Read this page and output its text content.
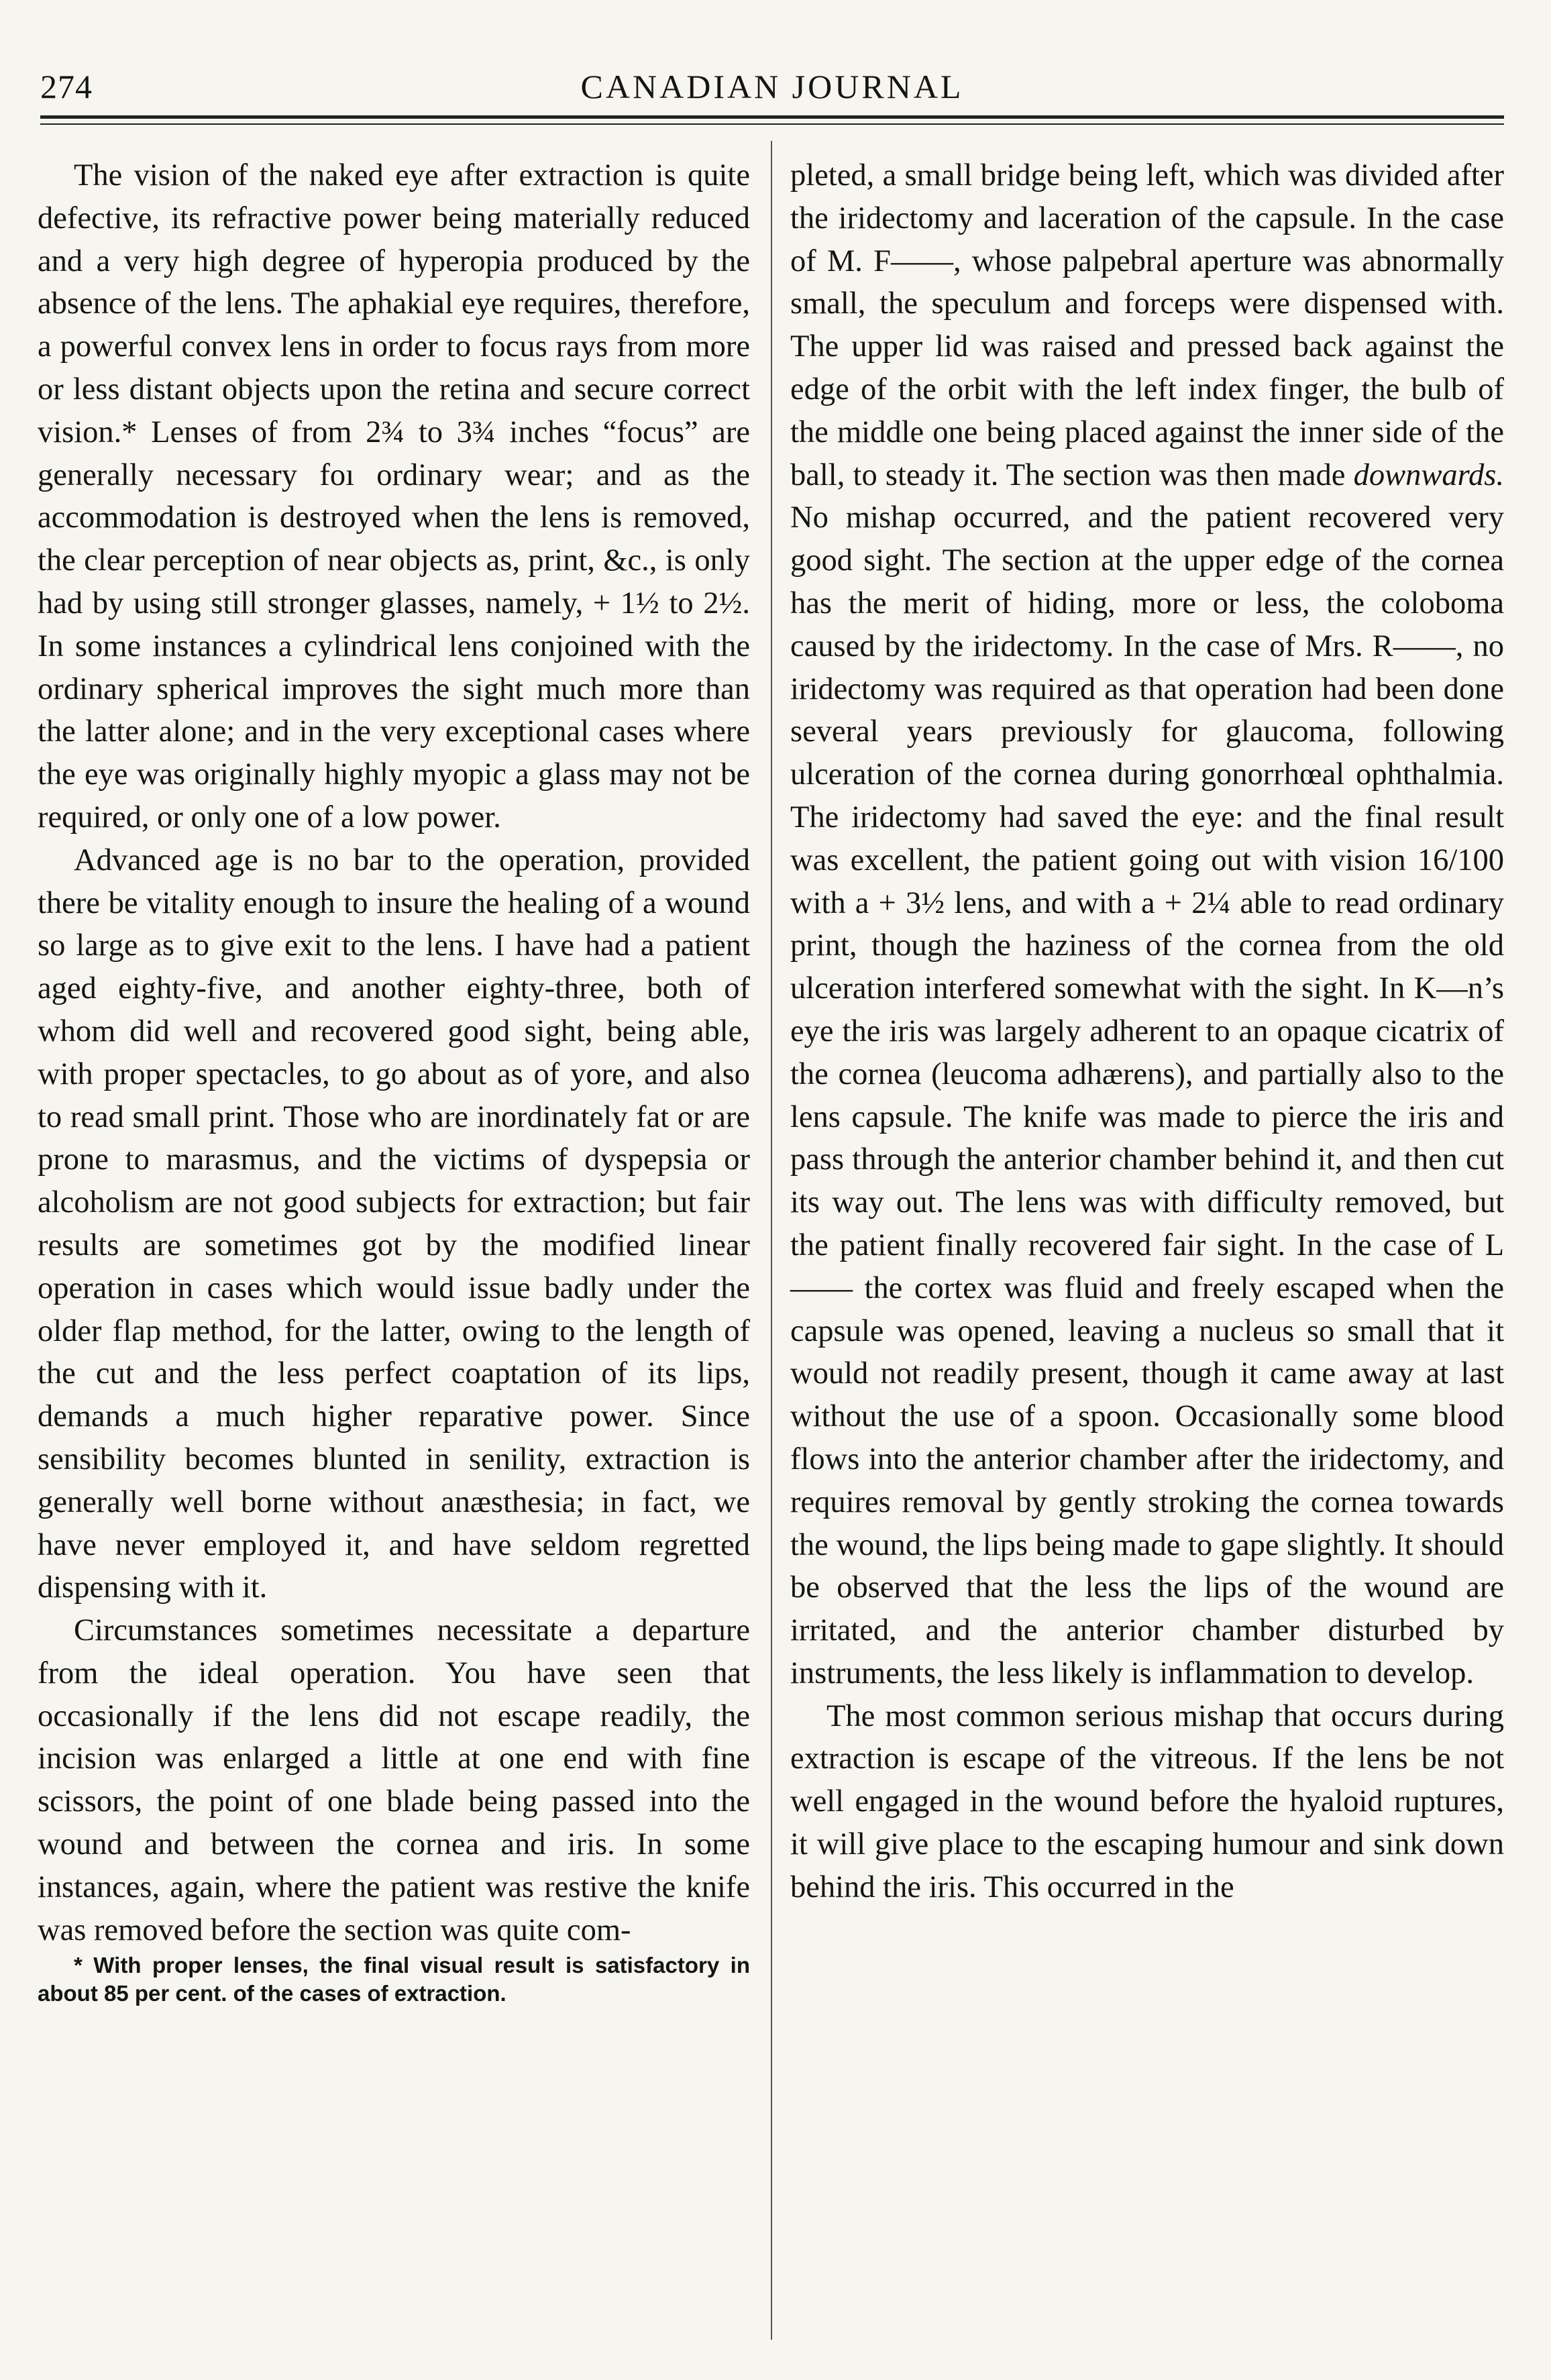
274	CANADIAN JOURNAL

The vision of the naked eye after extraction is quite defective, its refractive power being materially reduced and a very high degree of hyperopia produced by the absence of the lens. The aphakial eye requires, therefore, a powerful convex lens in order to focus rays from more or less distant objects upon the retina and secure correct vision.* Lenses of from 2¾ to 3¾ inches “focus” are generally necessary foı ordinary wear; and as the accommodation is destroyed when the lens is removed, the clear perception of near objects as, print, &c., is only had by using still stronger glasses, namely, + 1½ to 2½. In some instances a cylindrical lens conjoined with the ordinary spherical improves the sight much more than the latter alone; and in the very exceptional cases where the eye was originally highly myopic a glass may not be required, or only one of a low power.

Advanced age is no bar to the operation, provided there be vitality enough to insure the healing of a wound so large as to give exit to the lens. I have had a patient aged eighty-five, and another eighty-three, both of whom did well and recovered good sight, being able, with proper spectacles, to go about as of yore, and also to read small print. Those who are inordinately fat or are prone to marasmus, and the victims of dyspepsia or alcoholism are not good subjects for extraction; but fair results are sometimes got by the modified linear operation in cases which would issue badly under the older flap method, for the latter, owing to the length of the cut and the less perfect coaptation of its lips, demands a much higher reparative power. Since sensibility becomes blunted in senility, extraction is generally well borne without anæsthesia; in fact, we have never employed it, and have seldom regretted dispensing with it.

Circumstances sometimes necessitate a departure from the ideal operation. You have seen that occasionally if the lens did not escape readily, the incision was enlarged a little at one end with fine scissors, the point of one blade being passed into the wound and between the cornea and iris. In some instances, again, where the patient was restive the knife was removed before the section was quite com-

* With proper lenses, the final visual result is satisfactory in about 85 per cent. of the cases of extraction.

pleted, a small bridge being left, which was divided after the iridectomy and laceration of the capsule. In the case of M. F——, whose palpebral aperture was abnormally small, the speculum and forceps were dispensed with. The upper lid was raised and pressed back against the edge of the orbit with the left index finger, the bulb of the middle one being placed against the inner side of the ball, to steady it. The section was then made downwards. No mishap occurred, and the patient recovered very good sight. The section at the upper edge of the cornea has the merit of hiding, more or less, the coloboma caused by the iridectomy. In the case of Mrs. R——, no iridectomy was required as that operation had been done several years previously for glaucoma, following ulceration of the cornea during gonorrhœal ophthalmia. The iridectomy had saved the eye: and the final result was excellent, the patient going out with vision 16/100 with a + 3½ lens, and with a + 2¼ able to read ordinary print, though the haziness of the cornea from the old ulceration interfered somewhat with the sight. In K—n’s eye the iris was largely adherent to an opaque cicatrix of the cornea (leucoma adhærens), and partially also to the lens capsule. The knife was made to pierce the iris and pass through the anterior chamber behind it, and then cut its way out. The lens was with difficulty removed, but the patient finally recovered fair sight. In the case of L —— the cortex was fluid and freely escaped when the capsule was opened, leaving a nucleus so small that it would not readily present, though it came away at last without the use of a spoon. Occasionally some blood flows into the anterior chamber after the iridectomy, and requires removal by gently stroking the cornea towards the wound, the lips being made to gape slightly. It should be observed that the less the lips of the wound are irritated, and the anterior chamber disturbed by instruments, the less likely is inflammation to develop.

The most common serious mishap that occurs during extraction is escape of the vitreous. If the lens be not well engaged in the wound before the hyaloid ruptures, it will give place to the escaping humour and sink down behind the iris. This occurred in the
